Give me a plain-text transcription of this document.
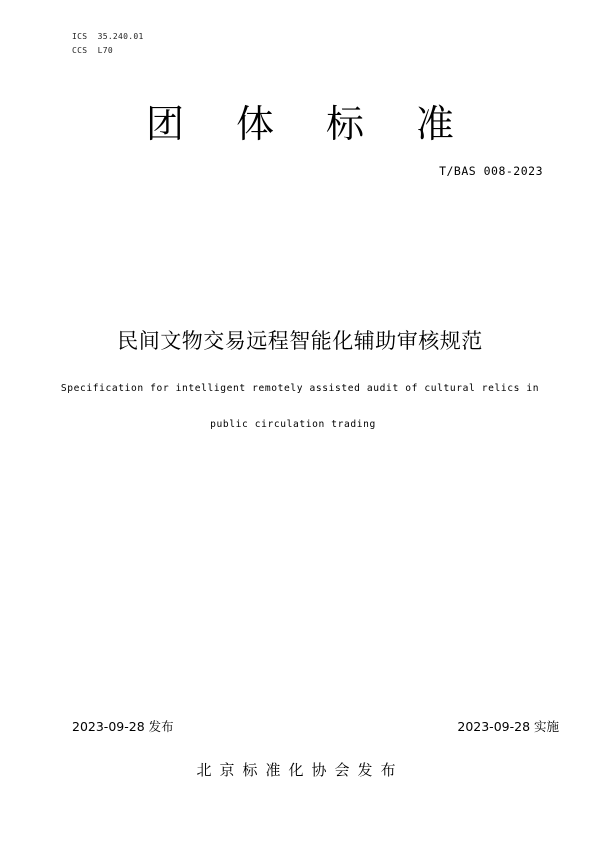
ICS  35.240.01
CCS  L70
团 体 标 准
T/BAS 008-2023
民间文物交易远程智能化辅助审核规范
Specification for intelligent remotely assisted audit of cultural relics in
public circulation trading
2023-09-28 发布	2023-09-28 实施
北京标准化协会发布
